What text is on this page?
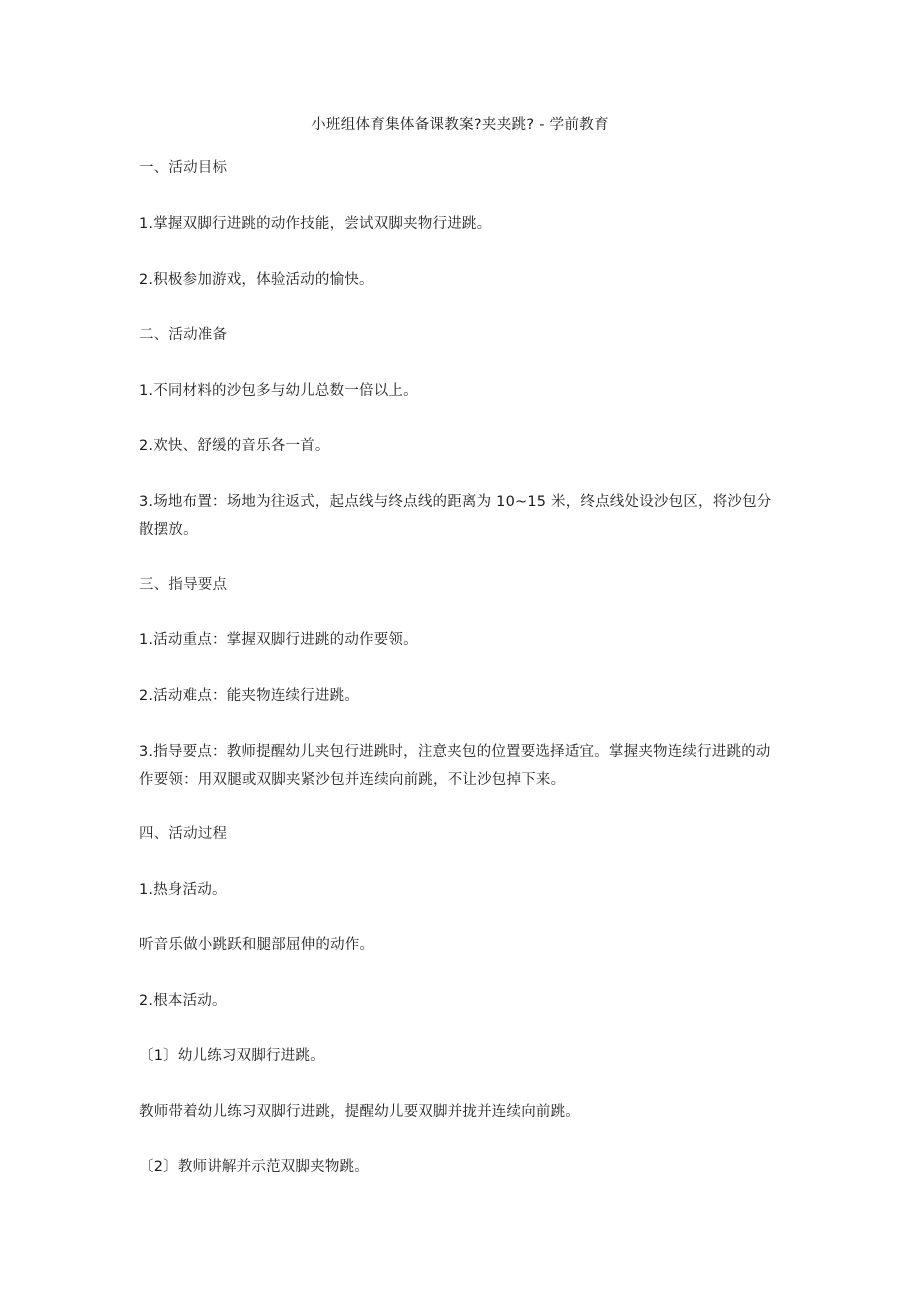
小班组体育集体备课教案?夹夹跳? - 学前教育
一、活动目标
1.掌握双脚行进跳的动作技能，尝试双脚夹物行进跳。
2.积极参加游戏，体验活动的愉快。
二、活动准备
1.不同材料的沙包多与幼儿总数一倍以上。
2.欢快、舒缓的音乐各一首。
3.场地布置：场地为往返式，起点线与终点线的距离为 10~15 米，终点线处设沙包区，将沙包分散摆放。
三、指导要点
1.活动重点：掌握双脚行进跳的动作要领。
2.活动难点：能夹物连续行进跳。
3.指导要点：教师提醒幼儿夹包行进跳时，注意夹包的位置要选择适宜。掌握夹物连续行进跳的动作要领：用双腿或双脚夹紧沙包并连续向前跳，不让沙包掉下来。
四、活动过程
1.热身活动。
听音乐做小跳跃和腿部屈伸的动作。
2.根本活动。
〔1〕幼儿练习双脚行进跳。
教师带着幼儿练习双脚行进跳，提醒幼儿要双脚并拢并连续向前跳。
〔2〕教师讲解并示范双脚夹物跳。
